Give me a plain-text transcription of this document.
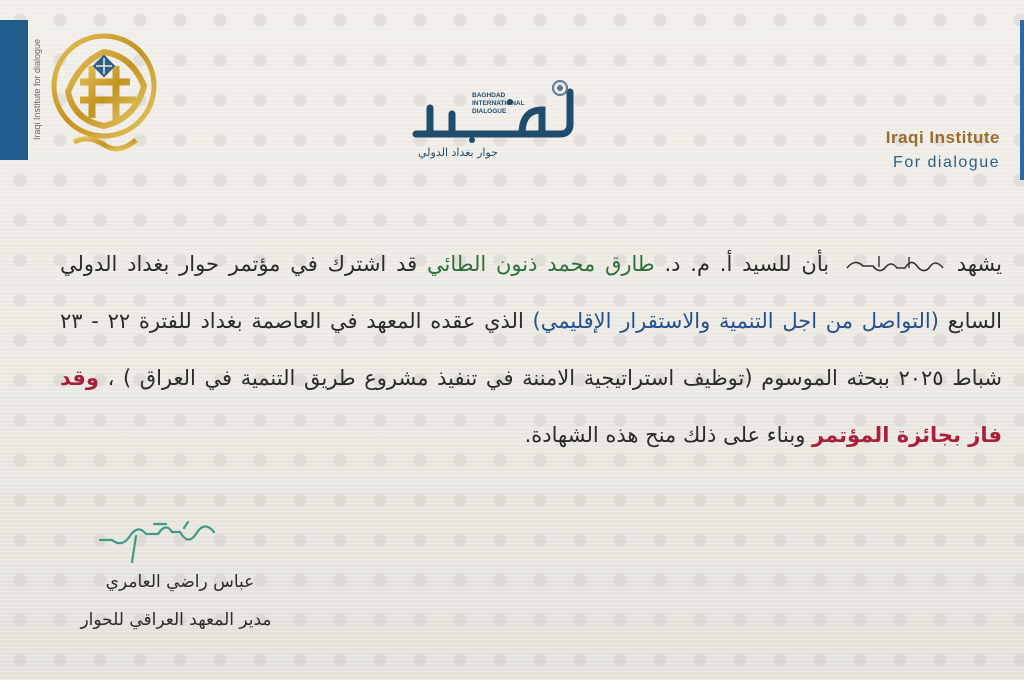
Iraqi Institute for dialogue	BAGHDAD
INTERNATIONAL
DIALOGUE
حوار بغداد الدولي
Iraqi Institute
For dialogue
يشهد  بأن للسيد أ. م. د. طارق محمد ذنون الطائي قد اشترك في مؤتمر حوار بغداد الدولي السابع (التواصل من اجل التنمية والاستقرار الإقليمي) الذي عقده المعهد في العاصمة بغداد للفترة ٢٢ - ٢٣ شباط ٢٠٢٥ ببحثه الموسوم (توظيف استراتيجية الامننة في تنفيذ مشروع طريق التنمية في العراق ) ، وقد فاز بجائزة المؤتمر وبناء على ذلك منح هذه الشهادة.
عباس راضي العامري
مدير المعهد العراقي للحوار
